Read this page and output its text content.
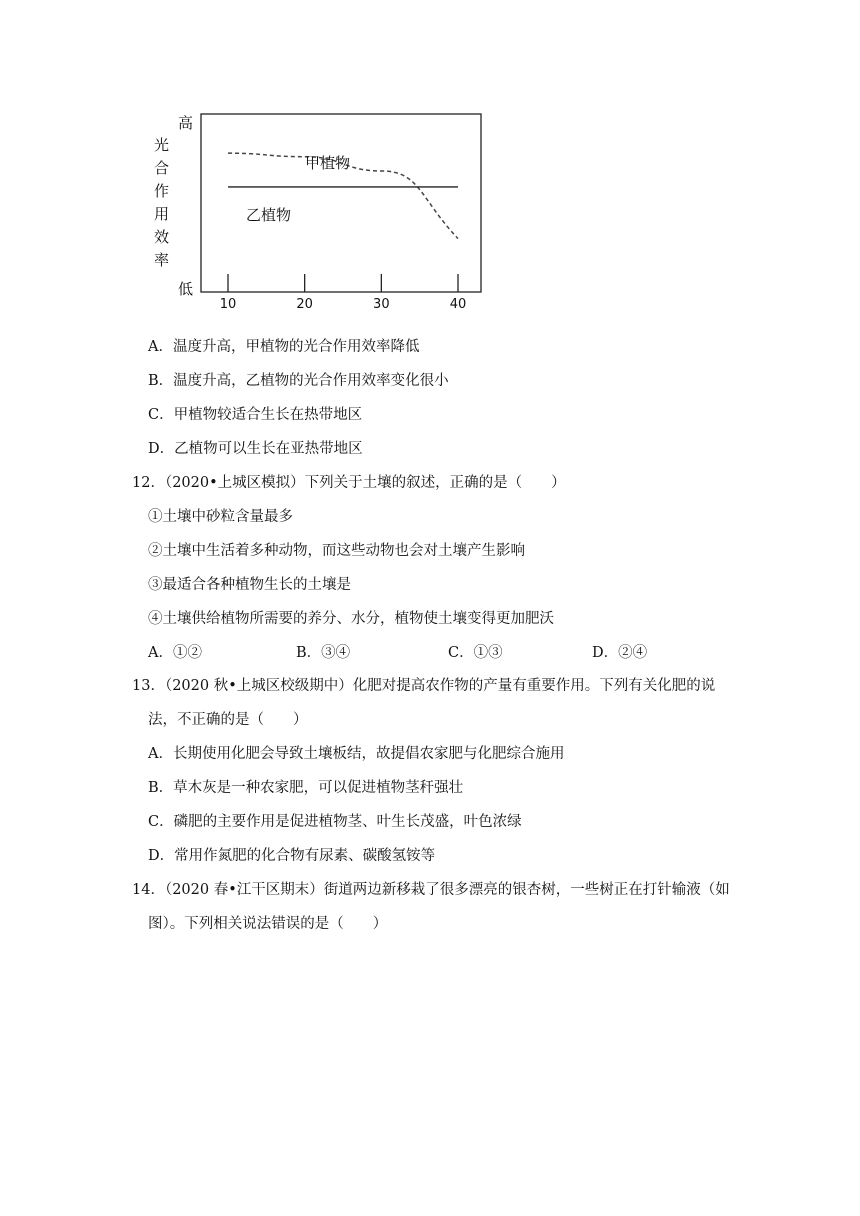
高
低
光
合
作
用
效
率
10	20	30	40
甲植物
乙植物
A．温度升高，甲植物的光合作用效率降低
B．温度升高，乙植物的光合作用效率变化很小
C．甲植物较适合生长在热带地区
D．乙植物可以生长在亚热带地区
12．（2020•上城区模拟）下列关于土壤的叙述，正确的是（　　）
①土壤中砂粒含量最多
②土壤中生活着多种动物，而这些动物也会对土壤产生影响
③最适合各种植物生长的土壤是
④土壤供给植物所需要的养分、水分，植物使土壤变得更加肥沃
A．①②	B．③④	C．①③	D．②④
13．（2020 秋•上城区校级期中）化肥对提高农作物的产量有重要作用。下列有关化肥的说
法，不正确的是（　　）
A．长期使用化肥会导致土壤板结，故提倡农家肥与化肥综合施用
B．草木灰是一种农家肥，可以促进植物茎秆强壮
C．磷肥的主要作用是促进植物茎、叶生长茂盛，叶色浓绿
D．常用作氮肥的化合物有尿素、碳酸氢铵等
14．（2020 春•江干区期末）街道两边新移栽了很多漂亮的银杏树，一些树正在打针输液（如
图）。下列相关说法错误的是（　　）
